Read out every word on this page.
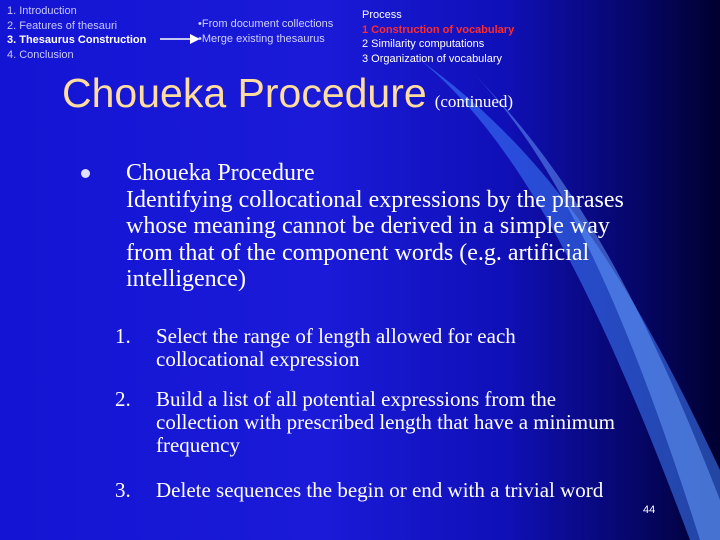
1. Introduction
2. Features of thesauri
3. Thesaurus Construction
4. Conclusion
•From document collections
•Merge existing thesaurus
Process
1 Construction of vocabulary
2 Similarity computations
3 Organization of vocabulary
Choueka Procedure (continued)
Choueka Procedure
Identifying collocational expressions by the phrases whose meaning cannot be derived in a simple way from that of the component words (e.g. artificial intelligence)
1.	Select the range of length allowed for each collocational expression
2.	Build a list of all potential expressions from the collection with prescribed length that have a minimum frequency
3.	Delete sequences the begin or end with a trivial word
44
